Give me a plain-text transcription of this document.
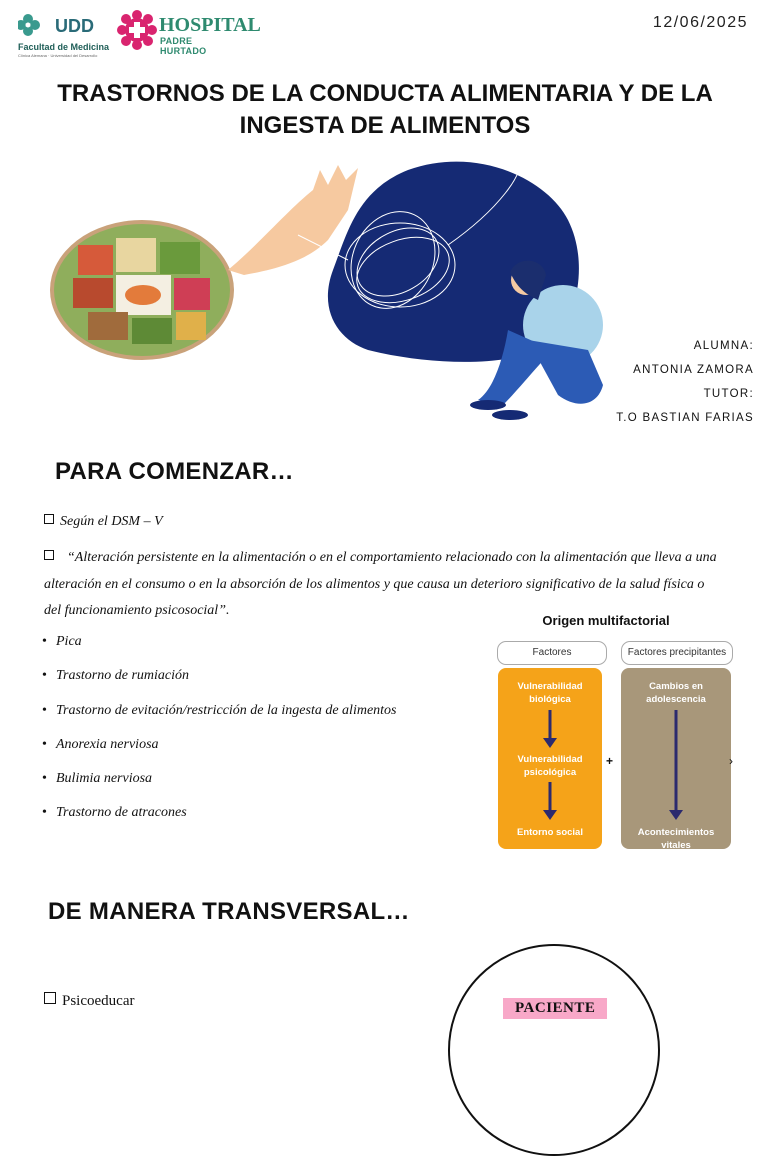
UDD
Facultad de Medicina
Clínica Alemana · Universidad del Desarrollo
HOSPITAL
PADRE HURTADO
12/06/2025
TRASTORNOS DE LA CONDUCTA ALIMENTARIA Y DE LA INGESTA DE ALIMENTOS
ALUMNA:
ANTONIA ZAMORA
TUTOR:
T.O BASTIAN FARIAS
PARA COMENZAR…
Según el DSM – V
“Alteración persistente en la alimentación o en el comportamiento relacionado con la alimentación que lleva a una alteración en el consumo o en la absorción de los alimentos y que causa un deterioro significativo de la salud física o del funcionamiento psicosocial”.
• Pica
• Trastorno de rumiación
• Trastorno de evitación/restricción de la ingesta de alimentos
• Anorexia nerviosa
• Bulimia nerviosa
• Trastorno de atracones
Origen multifactorial
Factores	Factores precipitantes
Vulnerabilidad biológica
Vulnerabilidad psicológica
Entorno social
Cambios en adolescencia
Acontecimientos vitales
+	›
DE MANERA TRANSVERSAL…
Psicoeducar	PACIENTE
